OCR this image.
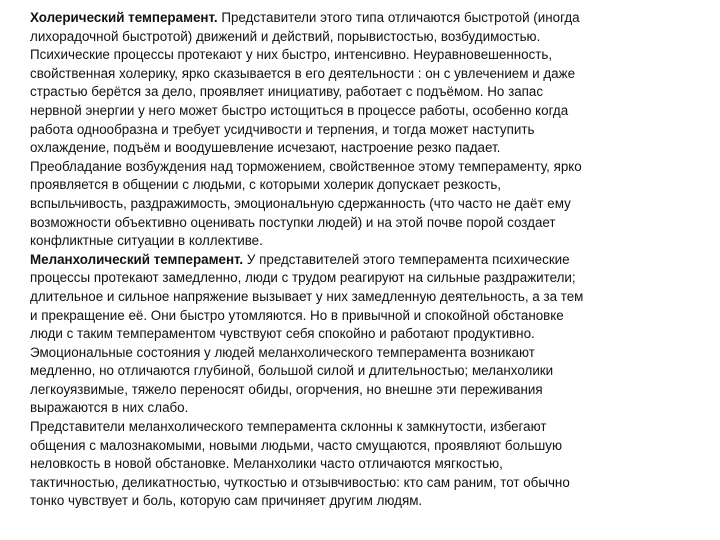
Холерический темперамент. Представители этого типа отличаются быстротой (иногда
лихорадочной быстротой) движений и действий, порывистостью, возбудимостью.
Психические процессы протекают у них быстро, интенсивно. Неуравновешенность,
свойственная холерику, ярко сказывается в его деятельности : он с увлечением и даже
страстью берётся за дело, проявляет инициативу, работает с подъёмом. Но запас
нервной энергии у него может быстро истощиться в процессе работы, особенно когда
работа однообразна и требует усидчивости и терпения, и тогда может наступить
охлаждение, подъём и воодушевление исчезают, настроение резко падает.
Преобладание возбуждения над торможением, свойственное этому темпераменту, ярко
проявляется в общении с людьми, с которыми холерик допускает резкость,
вспыльчивость, раздражимость, эмоциональную сдержанность (что часто не даёт ему
возможности объективно оценивать поступки людей) и на этой почве порой создает
конфликтные ситуации в коллективе.
Меланхолический темперамент. У представителей этого темперамента психические
процессы протекают замедленно, люди с трудом реагируют на сильные раздражители;
длительное и сильное напряжение вызывает у них замедленную деятельность, а за тем
и прекращение её. Они быстро утомляются. Но в привычной и спокойной обстановке
люди с таким темпераментом чувствуют себя спокойно и работают продуктивно.
Эмоциональные состояния у людей меланхолического темперамента возникают
медленно, но отличаются глубиной, большой силой и длительностью; меланхолики
легкоуязвимые, тяжело переносят обиды, огорчения, но внешне эти переживания
выражаются в них слабо.
Представители меланхолического темперамента склонны к замкнутости, избегают
общения с малознакомыми, новыми людьми, часто смущаются, проявляют большую
неловкость в новой обстановке. Меланхолики часто отличаются мягкостью,
тактичностью, деликатностью, чуткостью и отзывчивостью: кто сам раним, тот обычно
тонко чувствует и боль, которую сам причиняет другим людям.
